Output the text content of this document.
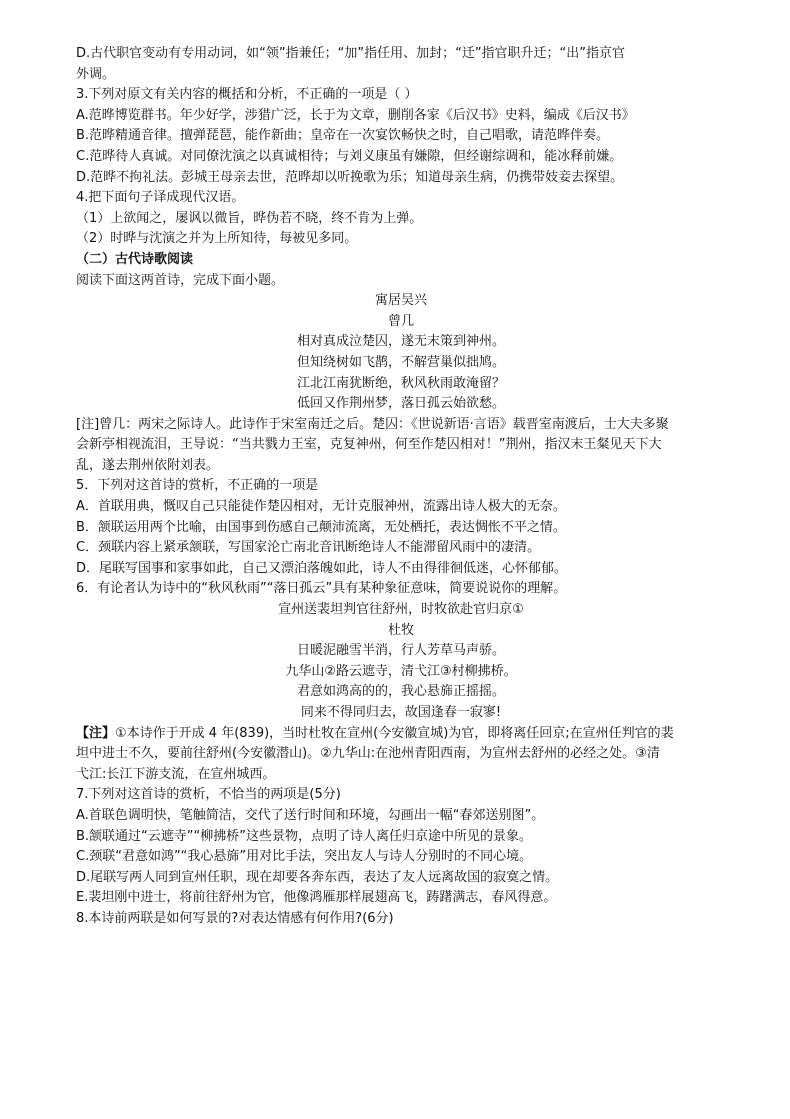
D.古代职官变动有专用动词，如“领”指兼任；“加”指任用、加封；“迁”指官职升迁；“出”指京官
外调。
3.下列对原文有关内容的概括和分析，不正确的一项是（ ）
A.范晔博览群书。年少好学，涉猎广泛，长于为文章，删削各家《后汉书》史料，编成《后汉书》
B.范晔精通音律。擅弹琵琶，能作新曲；皇帝在一次宴饮畅快之时，自己唱歌，请范晔伴奏。
C.范晔待人真诚。对同僚沈演之以真诚相待；与刘义康虽有嫌隙，但经谢综调和，能冰释前嫌。
D.范晔不拘礼法。彭城王母亲去世，范晔却以听挽歌为乐；知道母亲生病，仍携带妓妾去探望。
4.把下面句子译成现代汉语。
（1）上欲闻之，屡讽以微旨，晔伪若不晓，终不肯为上弹。
（2）时晔与沈演之并为上所知待，每被见多同。
（二）古代诗歌阅读
阅读下面这两首诗，完成下面小题。
寓居吴兴
曾几
相对真成泣楚囚，遂无末策到神州。
但知绕树如飞鹊，不解营巢似拙鸠。
江北江南犹断绝，秋风秋雨敢淹留？
低回又作荆州梦，落日孤云始欲愁。
[注]曾几：两宋之际诗人。此诗作于宋室南迁之后。楚囚：《世说新语·言语》载晋室南渡后，士大夫多聚
会新亭相视流泪，王导说：“当共戮力王室，克复神州，何至作楚囚相对！”荆州，指汉末王粲见天下大
乱，遂去荆州依附刘表。
5．下列对这首诗的赏析，不正确的一项是
A．首联用典，慨叹自己只能徒作楚囚相对，无计克服神州，流露出诗人极大的无奈。
B．颔联运用两个比喻，由国事到伤感自己颠沛流离，无处栖托，表达惆怅不平之情。
C．颈联内容上紧承颔联，写国家沦亡南北音讯断绝诗人不能滞留风雨中的凄清。
D．尾联写国事和家事如此，自己又漂泊落魄如此，诗人不由得徘徊低迷，心怀郁郁。
6．有论者认为诗中的“秋风秋雨”“落日孤云”具有某种象征意味，简要说说你的理解。
宣州送裴坦判官往舒州，时牧欲赴官归京①
杜牧
日暖泥融雪半消，行人芳草马声骄。
九华山②路云遮寺，清弋江③村柳拂桥。
君意如鸿高的的，我心悬旆正摇摇。
同来不得同归去，故国逢春一寂寥!
【注】①本诗作于开成 4 年(839)，当时杜牧在宣州(今安徽宣城)为官，即将离任回京;在宣州任判官的裴
坦中进士不久，要前往舒州(今安徽潜山)。②九华山:在池州青阳西南，为宣州去舒州的必经之处。③清
弋江:长江下游支流，在宣州城西。
7.下列对这首诗的赏析，不恰当的两项是(5分)
A.首联色调明快，笔触简洁，交代了送行时间和环境，勾画出一幅“春郊送别图”。
B.颔联通过“云遮寺”“柳拂桥”这些景物，点明了诗人离任归京途中所见的景象。
C.颈联“君意如鸿”“我心悬旆”用对比手法，突出友人与诗人分别时的不同心境。
D.尾联写两人同到宣州任职，现在却要各奔东西，表达了友人远离故国的寂寞之情。
E.裴坦刚中进士，将前往舒州为官，他像鸿雁那样展翅高飞，踌躇满志，春风得意。
8.本诗前两联是如何写景的?对表达情感有何作用?(6分)
